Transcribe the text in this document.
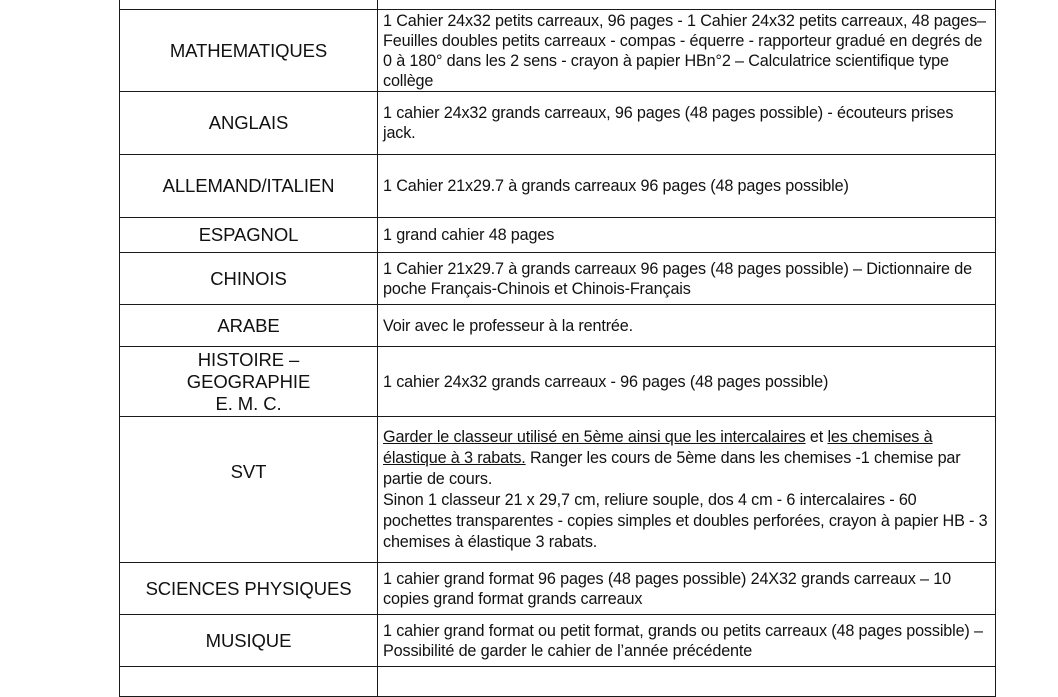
MATHEMATIQUES	1 Cahier 24x32 petits carreaux, 96 pages - 1 Cahier 24x32 petits carreaux, 48 pages– Feuilles doubles petits carreaux - compas - équerre - rapporteur gradué en degrés de 0 à 180° dans les 2 sens - crayon à papier HBn°2 – Calculatrice scientifique type collège
ANGLAIS	1 cahier 24x32 grands carreaux, 96 pages (48 pages possible) - écouteurs prises jack.
ALLEMAND/ITALIEN	1 Cahier 21x29.7 à grands carreaux 96 pages (48 pages possible)
ESPAGNOL	1 grand cahier 48 pages
CHINOIS	1 Cahier 21x29.7 à grands carreaux 96 pages (48 pages possible) – Dictionnaire de poche Français-Chinois et Chinois-Français
ARABE	Voir avec le professeur à la rentrée.

HISTOIRE –
GEOGRAPHIE
E. M. C.	1 cahier 24x32 grands carreaux - 96 pages (48 pages possible)
SVT	Garder le classeur utilisé en 5ème ainsi que les intercalaires et les chemises à élastique à 3 rabats. Ranger les cours de 5ème dans les chemises -1 chemise par partie de cours.
Sinon 1 classeur 21 x 29,7 cm, reliure souple, dos 4 cm - 6 intercalaires - 60 pochettes transparentes - copies simples et doubles perforées, crayon à papier HB - 3 chemises à élastique 3 rabats.

SCIENCES PHYSIQUES	1 cahier grand format 96 pages (48 pages possible) 24X32 grands carreaux – 10 copies grand format grands carreaux
MUSIQUE	1 cahier grand format ou petit format, grands ou petits carreaux (48 pages possible) – Possibilité de garder le cahier de l’année précédente
